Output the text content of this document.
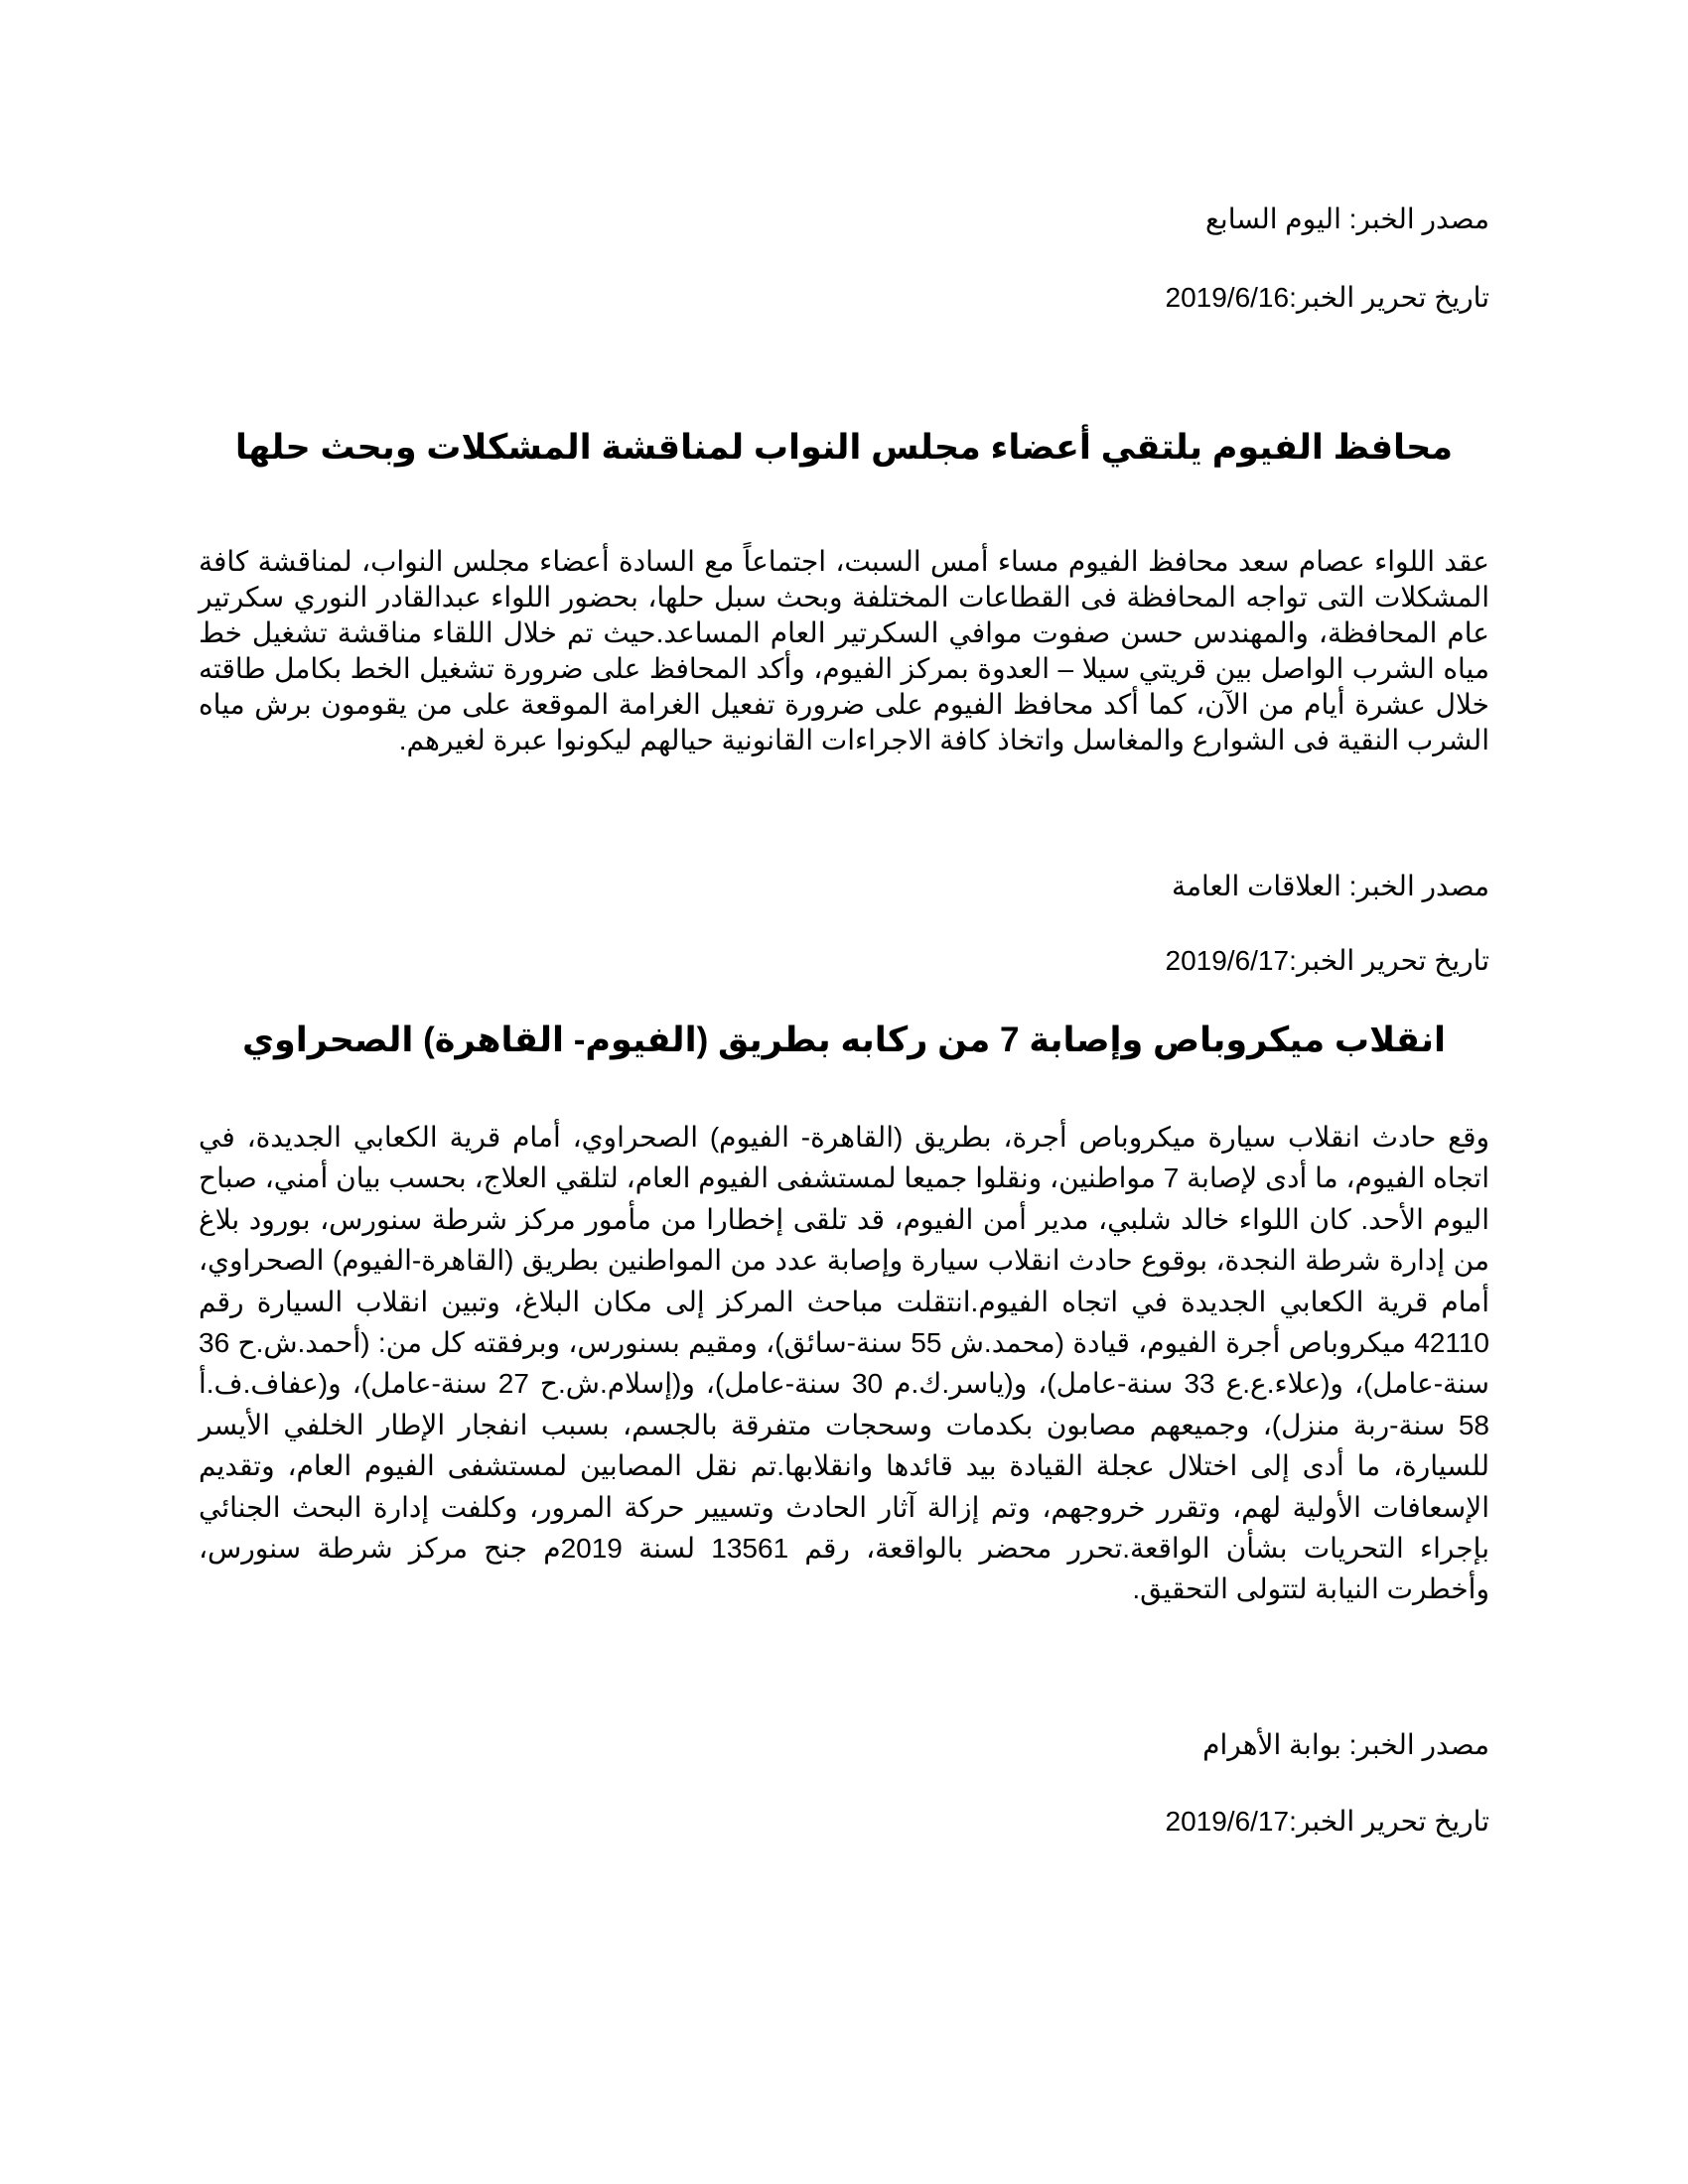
مصدر الخبر: اليوم السابع
تاريخ تحرير الخبر:2019/6/16
محافظ الفيوم يلتقي أعضاء مجلس النواب لمناقشة المشكلات وبحث حلها

عقد اللواء عصام سعد محافظ الفيوم مساء أمس السبت، اجتماعاً مع السادة أعضاء مجلس النواب، لمناقشة كافة المشكلات التى تواجه المحافظة فى القطاعات المختلفة وبحث سبل حلها، بحضور اللواء عبدالقادر النوري سكرتير عام المحافظة، والمهندس حسن صفوت موافي السكرتير العام المساعد.حيث تم خلال اللقاء مناقشة تشغيل خط مياه الشرب الواصل بين قريتي سيلا – العدوة بمركز الفيوم، وأكد المحافظ على ضرورة تشغيل الخط بكامل طاقته خلال عشرة أيام من الآن، كما أكد محافظ الفيوم على ضرورة تفعيل الغرامة الموقعة على من يقومون برش مياه الشرب النقية فى الشوارع والمغاسل واتخاذ كافة الاجراءات القانونية حيالهم ليكونوا عبرة لغيرهم.

مصدر الخبر: العلاقات العامة
تاريخ تحرير الخبر:2019/6/17
انقلاب ميكروباص وإصابة 7 من ركابه بطريق (الفيوم- القاهرة) الصحراوي

وقع حادث انقلاب سيارة ميكروباص أجرة، بطريق (القاهرة- الفيوم) الصحراوي، أمام قرية الكعابي الجديدة، في اتجاه الفيوم، ما أدى لإصابة 7 مواطنين، ونقلوا جميعا لمستشفى الفيوم العام، لتلقي العلاج، بحسب بيان أمني، صباح اليوم الأحد. كان اللواء خالد شلبي، مدير أمن الفيوم، قد تلقى إخطارا من مأمور مركز شرطة سنورس، بورود بلاغ من إدارة شرطة النجدة، بوقوع حادث انقلاب سيارة وإصابة عدد من المواطنين بطريق (القاهرة-الفيوم) الصحراوي، أمام قرية الكعابي الجديدة في اتجاه الفيوم.انتقلت مباحث المركز إلى مكان البلاغ، وتبين انقلاب السيارة رقم 42110 ميكروباص أجرة الفيوم، قيادة (محمد.ش 55 سنة-سائق)، ومقيم بسنورس، وبرفقته كل من: (أحمد.ش.ح 36 سنة-عامل)، و(علاء.ع.ع 33 سنة-عامل)، و(ياسر.ك.م 30 سنة-عامل)، و(إسلام.ش.ح 27 سنة-عامل)، و(عفاف.ف.أ 58 سنة-ربة منزل)، وجميعهم مصابون بكدمات وسحجات متفرقة بالجسم، بسبب انفجار الإطار الخلفي الأيسر للسيارة، ما أدى إلى اختلال عجلة القيادة بيد قائدها وانقلابها.تم نقل المصابين لمستشفى الفيوم العام، وتقديم الإسعافات الأولية لهم، وتقرر خروجهم، وتم إزالة آثار الحادث وتسيير حركة المرور، وكلفت إدارة البحث الجنائي بإجراء التحريات بشأن الواقعة.تحرر محضر بالواقعة، رقم 13561 لسنة 2019م جنح مركز شرطة سنورس، وأخطرت النيابة لتتولى التحقيق.

مصدر الخبر: بوابة الأهرام
تاريخ تحرير الخبر:2019/6/17
